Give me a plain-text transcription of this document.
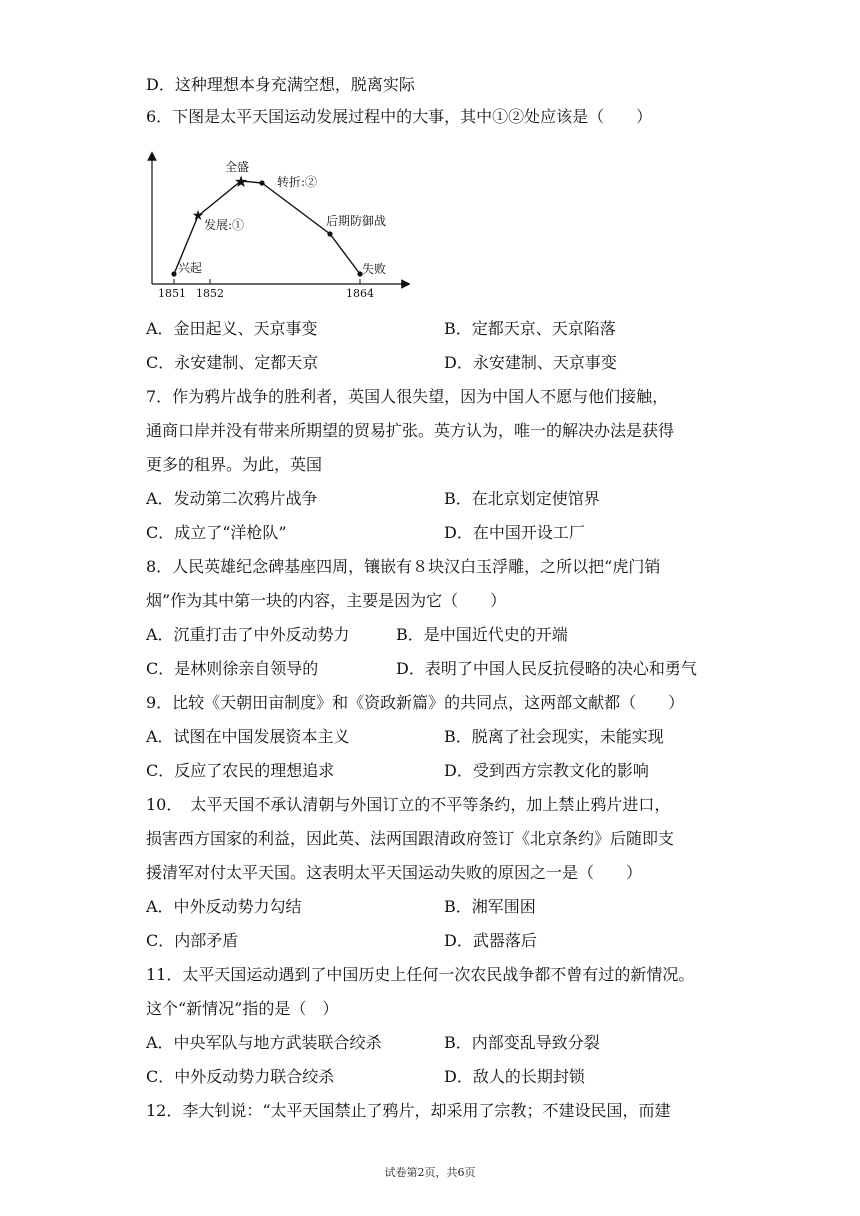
D．这种理想本身充满空想，脱离实际
6．下图是太平天国运动发展过程中的大事，其中①②处应该是（　　）
★
★
兴起
发展:①
全盛
转折:②
后期防御战
失败
1851 1852	1864
A．金田起义、天京事变	B．定都天京、天京陷落
C．永安建制、定都天京	D．永安建制、天京事变
7．作为鸦片战争的胜利者，英国人很失望，因为中国人不愿与他们接触，
通商口岸并没有带来所期望的贸易扩张。英方认为，唯一的解决办法是获得
更多的租界。为此，英国
A．发动第二次鸦片战争	B．在北京划定使馆界
C．成立了“洋枪队”	D．在中国开设工厂
8．人民英雄纪念碑基座四周，镶嵌有８块汉白玉浮雕，之所以把“虎门销
烟”作为其中第一块的内容，主要是因为它（　　）
A．沉重打击了中外反动势力	B．是中国近代史的开端
C．是林则徐亲自领导的	D．表明了中国人民反抗侵略的决心和勇气
9．比较《天朝田亩制度》和《资政新篇》的共同点，这两部文献都（　　）
A．试图在中国发展资本主义	B．脱离了社会现实，未能实现
C．反应了农民的理想追求	D．受到西方宗教文化的影响
10．　太平天国不承认清朝与外国订立的不平等条约，加上禁止鸦片进口，
损害西方国家的利益，因此英、法两国跟清政府签订《北京条约》后随即支
援清军对付太平天国。这表明太平天国运动失败的原因之一是（　　）
A．中外反动势力勾结	B．湘军围困
C．内部矛盾	D．武器落后
11．太平天国运动遇到了中国历史上任何一次农民战争都不曾有过的新情况。
这个“新情况”指的是（　）
A．中央军队与地方武装联合绞杀	B．内部变乱导致分裂
C．中外反动势力联合绞杀	D．敌人的长期封锁
12．李大钊说：“太平天国禁止了鸦片，却采用了宗教；不建设民国，而建
试卷第2页，共6页
